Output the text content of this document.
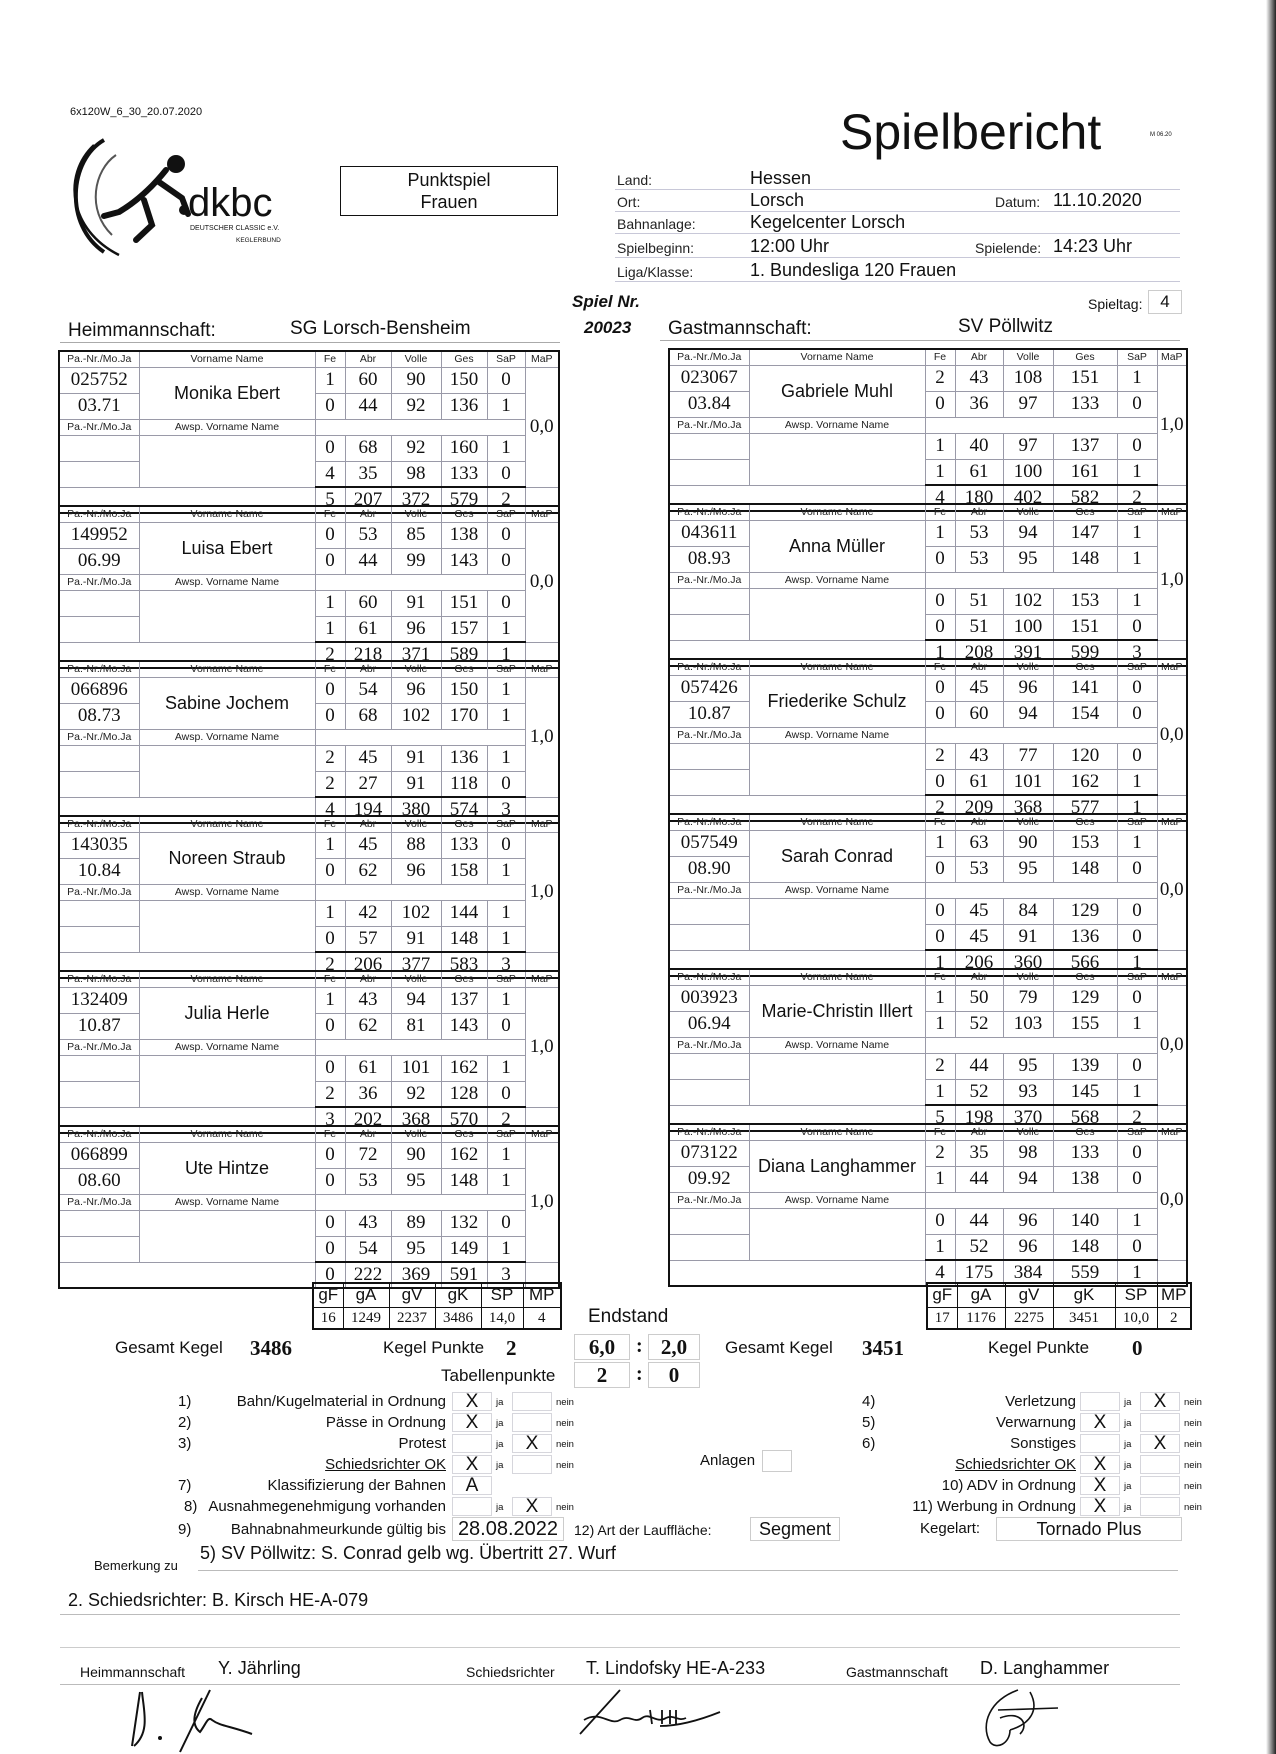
6x120W_6_30_20.07.2020
dkbc
DEUTSCHER CLASSIC e.V.
KEGLERBUND
Punktspiel
Frauen
Spielbericht	M 06.20
Land:	Hessen
Ort:	Lorsch	Datum: 11.10.2020
Bahnanlage:	Kegelcenter Lorsch
Spielbeginn:	12:00 Uhr	Spielende: 14:23 Uhr
Liga/Klasse:	1. Bundesliga 120 Frauen
Spiel Nr.
20023
Spieltag:	4
Heimmannschaft:	SG Lorsch-Bensheim	Gastmannschaft:	SV Pöllwitz
Pa.-Nr./Mo.Ja	Vorname Name	Fe	Abr	Volle	Ges	SaP	MaP
025752	Monika Ebert	1	60	90	150	0	0,0
03.71		0	44	92	136	1	
Pa.-Nr./Mo.Ja	Awsp. Vorname Name						
		0	68	92	160	1	
		4	35	98	133	0	
		5	207	372	579	2	
Pa.-Nr./Mo.Ja	Vorname Name	Fe	Abr	Volle	Ges	SaP	MaP
149952	Luisa Ebert	0	53	85	138	0	0,0
06.99		0	44	99	143	0	
Pa.-Nr./Mo.Ja	Awsp. Vorname Name						
		1	60	91	151	0	
		1	61	96	157	1	
		2	218	371	589	1	
Pa.-Nr./Mo.Ja	Vorname Name	Fe	Abr	Volle	Ges	SaP	MaP
066896	Sabine Jochem	0	54	96	150	1	1,0
08.73		0	68	102	170	1	
Pa.-Nr./Mo.Ja	Awsp. Vorname Name						
		2	45	91	136	1	
		2	27	91	118	0	
		4	194	380	574	3	
Pa.-Nr./Mo.Ja	Vorname Name	Fe	Abr	Volle	Ges	SaP	MaP
143035	Noreen Straub	1	45	88	133	0	1,0
10.84		0	62	96	158	1	
Pa.-Nr./Mo.Ja	Awsp. Vorname Name						
		1	42	102	144	1	
		0	57	91	148	1	
		2	206	377	583	3	
Pa.-Nr./Mo.Ja	Vorname Name	Fe	Abr	Volle	Ges	SaP	MaP
132409	Julia Herle	1	43	94	137	1	1,0
10.87		0	62	81	143	0	
Pa.-Nr./Mo.Ja	Awsp. Vorname Name						
		0	61	101	162	1	
		2	36	92	128	0	
		3	202	368	570	2	
Pa.-Nr./Mo.Ja	Vorname Name	Fe	Abr	Volle	Ges	SaP	MaP
066899	Ute Hintze	0	72	90	162	1	1,0
08.60		0	53	95	148	1	
Pa.-Nr./Mo.Ja	Awsp. Vorname Name						
		0	43	89	132	0	
		0	54	95	149	1	
		0	222	369	591	3	
Pa.-Nr./Mo.Ja	Vorname Name	Fe	Abr	Volle	Ges	SaP	MaP
023067	Gabriele Muhl	2	43	108	151	1	1,0
03.84		0	36	97	133	0	
Pa.-Nr./Mo.Ja	Awsp. Vorname Name						
		1	40	97	137	0	
		1	61	100	161	1	
		4	180	402	582	2	
Pa.-Nr./Mo.Ja	Vorname Name	Fe	Abr	Volle	Ges	SaP	MaP
043611	Anna Müller	1	53	94	147	1	1,0
08.93		0	53	95	148	1	
Pa.-Nr./Mo.Ja	Awsp. Vorname Name						
		0	51	102	153	1	
		0	51	100	151	0	
		1	208	391	599	3	
Pa.-Nr./Mo.Ja	Vorname Name	Fe	Abr	Volle	Ges	SaP	MaP
057426	Friederike Schulz	0	45	96	141	0	0,0
10.87		0	60	94	154	0	
Pa.-Nr./Mo.Ja	Awsp. Vorname Name						
		2	43	77	120	0	
		0	61	101	162	1	
		2	209	368	577	1	
Pa.-Nr./Mo.Ja	Vorname Name	Fe	Abr	Volle	Ges	SaP	MaP
057549	Sarah Conrad	1	63	90	153	1	0,0
08.90		0	53	95	148	0	
Pa.-Nr./Mo.Ja	Awsp. Vorname Name						
		0	45	84	129	0	
		0	45	91	136	0	
		1	206	360	566	1	
Pa.-Nr./Mo.Ja	Vorname Name	Fe	Abr	Volle	Ges	SaP	MaP
003923	Marie-Christin Illert	1	50	79	129	0	0,0
06.94		1	52	103	155	1	
Pa.-Nr./Mo.Ja	Awsp. Vorname Name						
		2	44	95	139	0	
		1	52	93	145	1	
		5	198	370	568	2	
Pa.-Nr./Mo.Ja	Vorname Name	Fe	Abr	Volle	Ges	SaP	MaP
073122	Diana Langhammer	2	35	98	133	0	0,0
09.92		1	44	94	138	0	
Pa.-Nr./Mo.Ja	Awsp. Vorname Name						
		0	44	96	140	1	
		1	52	96	148	0	
		4	175	384	559	1	
gF	gA	gV	gK	SP	MP
16	1249	2237	3486	14,0	4
gF	gA	gV	gK	SP	MP
17	1176	2275	3451	10,0	2
Gesamt Kegel 3486	Kegel Punkte 2
Endstand
6,0	: 2,0
Tabellenpunkte	2	:	0
Gesamt Kegel 3451	Kegel Punkte 0
1)	Bahn/Kugelmaterial in Ordnung	X	ja	nein
2)	Pässe in Ordnung	X	ja	nein
3)	Protest	ja	X	nein
Schiedsrichter OK	X	ja	nein
7)	Klassifizierung der Bahnen	A
8) Ausnahmegenehmigung vorhanden	ja	X	nein
9)	Bahnabnahmeurkunde gültig bis 28.08.2022	12) Art der Lauffläche:	Segment
Anlagen
4)	Verletzung	ja	X	nein
5)	Verwarnung X	ja	nein
6)	Sonstiges	ja	X	nein
Schiedsrichter OK X	ja	nein
10) ADV in Ordnung X	ja	nein
11) Werbung in Ordnung X	ja	nein
Kegelart:	Tornado Plus
Bemerkung zu
5) SV Pöllwitz: S. Conrad gelb wg. Übertritt 27. Wurf
2. Schiedsrichter: B. Kirsch HE-A-079
Heimmannschaft Y. Jährling	Schiedsrichter T. Lindofsky HE-A-233	Gastmannschaft D. Langhammer
